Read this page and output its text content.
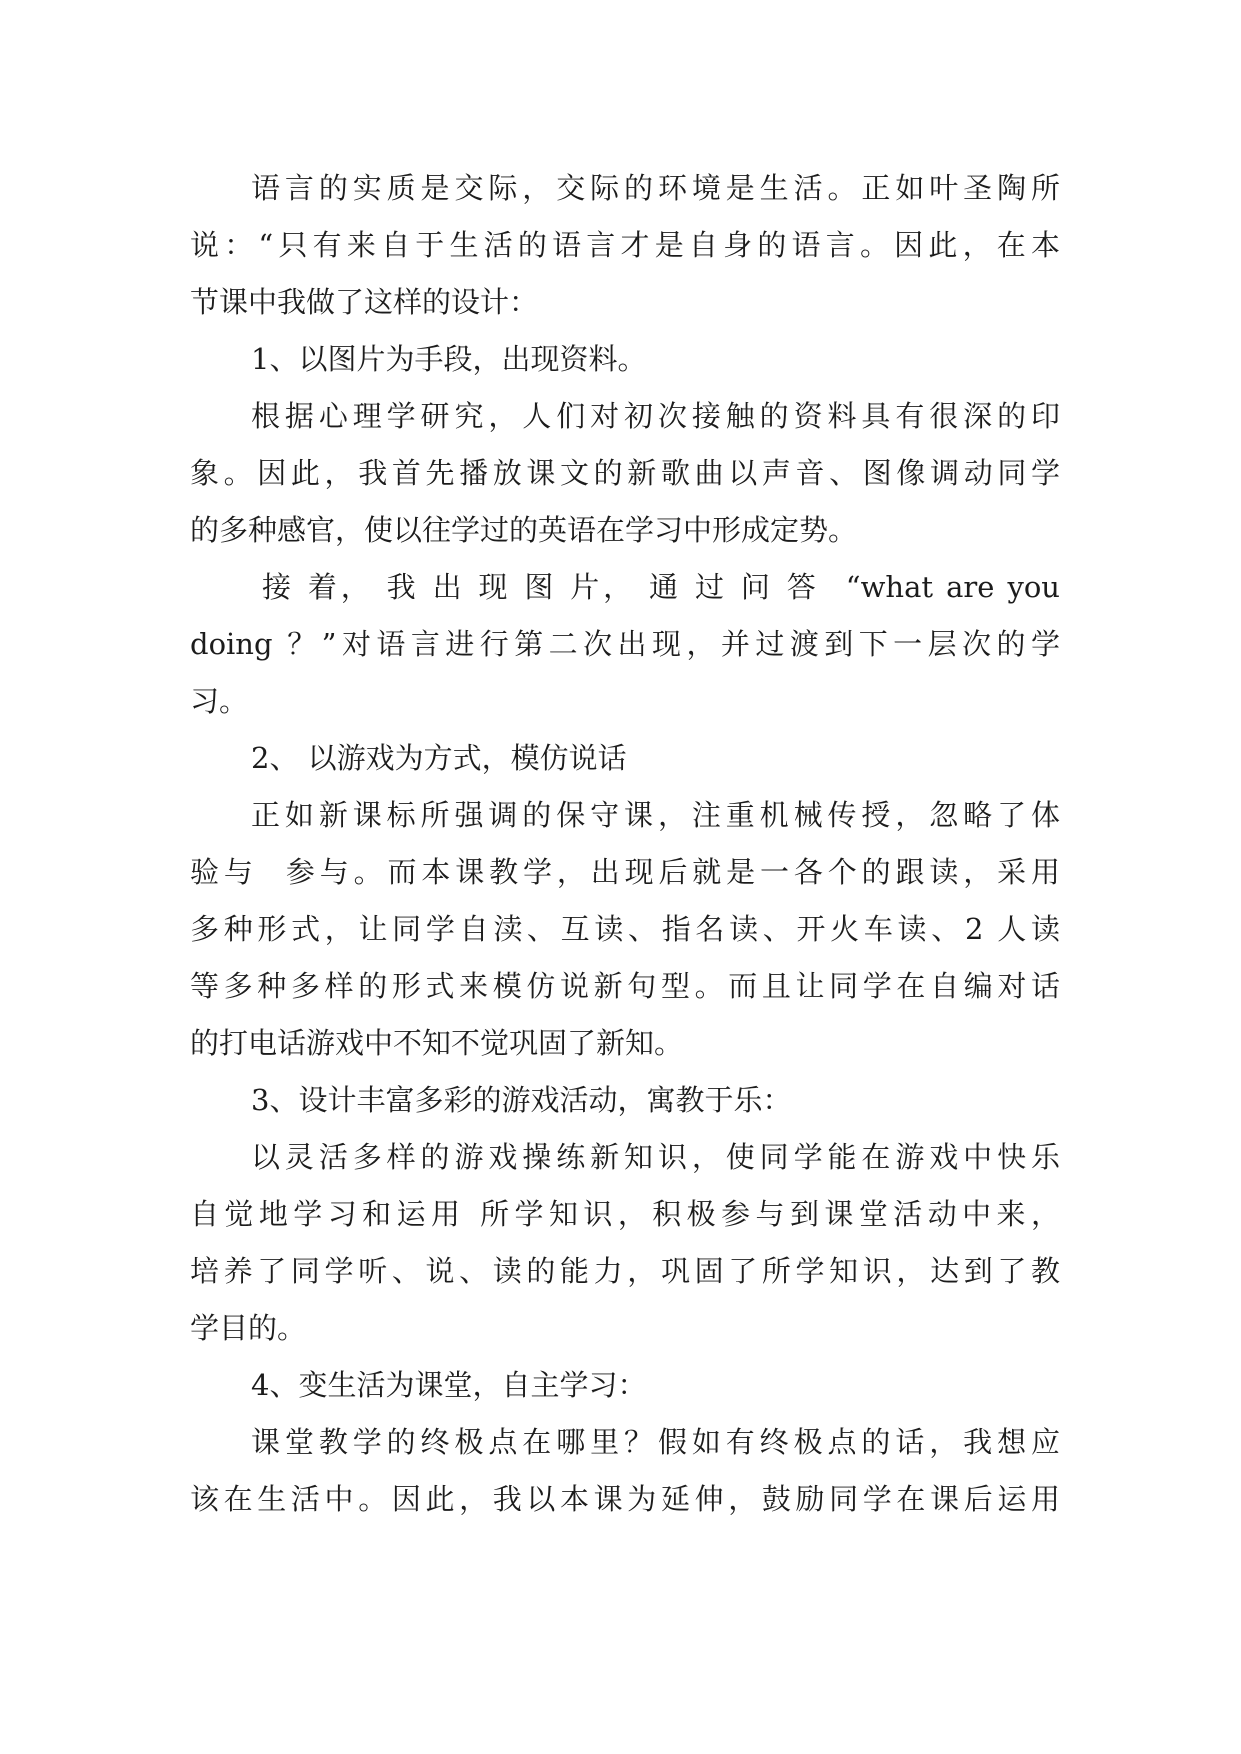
语言的实质是交际，交际的环境是生活。正如叶圣陶所
说：“只有来自于生活的语言才是自身的语言。因此，在本
节课中我做了这样的设计：
1、以图片为手段，出现资料。
根据心理学研究，人们对初次接触的资料具有很深的印
象。因此，我首先播放课文的新歌曲以声音、图像调动同学
的多种感官，使以往学过的英语在学习中形成定势。
接 着， 我 出 现 图 片， 通 过 问 答  “what are you
doing ？”对语言进行第二次出现，并过渡到下一层次的学
习。
2、 以游戏为方式，模仿说话
正如新课标所强调的保守课，注重机械传授，忽略了体
验与  参与。而本课教学，出现后就是一各个的跟读，采用
多种形式，让同学自渎、互读、指名读、开火车读、2 人读
等多种多样的形式来模仿说新句型。而且让同学在自编对话
的打电话游戏中不知不觉巩固了新知。
3、设计丰富多彩的游戏活动，寓教于乐：
以灵活多样的游戏操练新知识，使同学能在游戏中快乐
自觉地学习和运用 所学知识，积极参与到课堂活动中来，
培养了同学听、说、读的能力，巩固了所学知识，达到了教
学目的。
4、变生活为课堂，自主学习：
课堂教学的终极点在哪里？假如有终极点的话，我想应
该在生活中。因此，我以本课为延伸，鼓励同学在课后运用
